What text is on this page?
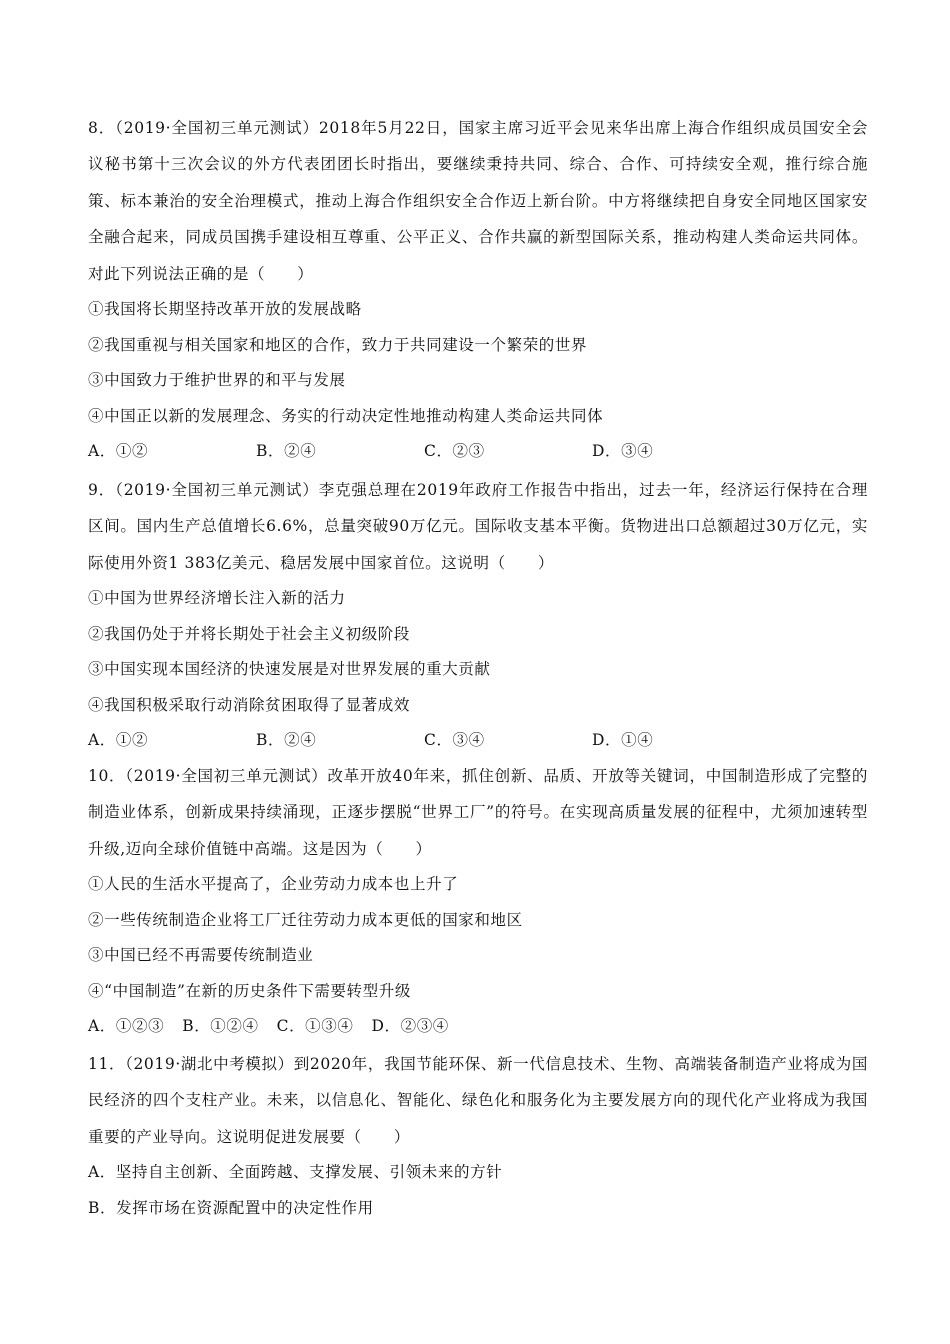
8．（2019·全国初三单元测试）2018年5月22日，国家主席习近平会见来华出席上海合作组织成员国安全会议秘书第十三次会议的外方代表团团长时指出，要继续秉持共同、综合、合作、可持续安全观，推行综合施策、标本兼治的安全治理模式，推动上海合作组织安全合作迈上新台阶。中方将继续把自身安全同地区国家安全融合起来，同成员国携手建设相互尊重、公平正义、合作共赢的新型国际关系，推动构建人类命运共同体。对此下列说法正确的是（　　）

①我国将长期坚持改革开放的发展战略

②我国重视与相关国家和地区的合作，致力于共同建设一个繁荣的世界

③中国致力于维护世界的和平与发展

④中国正以新的发展理念、务实的行动决定性地推动构建人类命运共同体

A．①②	B．②④	C．②③	D．③④

9．（2019·全国初三单元测试）李克强总理在2019年政府工作报告中指出，过去一年，经济运行保持在合理区间。国内生产总值增长6.6%，总量突破90万亿元。国际收支基本平衡。货物进出口总额超过30万亿元，实际使用外资1 383亿美元、稳居发展中国家首位。这说明（　　）

①中国为世界经济增长注入新的活力

②我国仍处于并将长期处于社会主义初级阶段

③中国实现本国经济的快速发展是对世界发展的重大贡献

④我国积极采取行动消除贫困取得了显著成效

A．①②	B．②④	C．③④	D．①④

10．（2019·全国初三单元测试）改革开放40年来，抓住创新、品质、开放等关键词，中国制造形成了完整的制造业体系，创新成果持续涌现，正逐步摆脱“世界工厂”的符号。在实现高质量发展的征程中，尤须加速转型升级,迈向全球价值链中高端。这是因为（　　）

①人民的生活水平提高了，企业劳动力成本也上升了

②一些传统制造企业将工厂迁往劳动力成本更低的国家和地区

③中国已经不再需要传统制造业

④“中国制造”在新的历史条件下需要转型升级

A．①②③ B．①②④ C．①③④ D．②③④

11．（2019·湖北中考模拟）到2020年，我国节能环保、新一代信息技术、生物、高端装备制造产业将成为国民经济的四个支柱产业。未来，以信息化、智能化、绿色化和服务化为主要发展方向的现代化产业将成为我国重要的产业导向。这说明促进发展要（　　）

A．坚持自主创新、全面跨越、支撑发展、引领未来的方针

B．发挥市场在资源配置中的决定性作用
